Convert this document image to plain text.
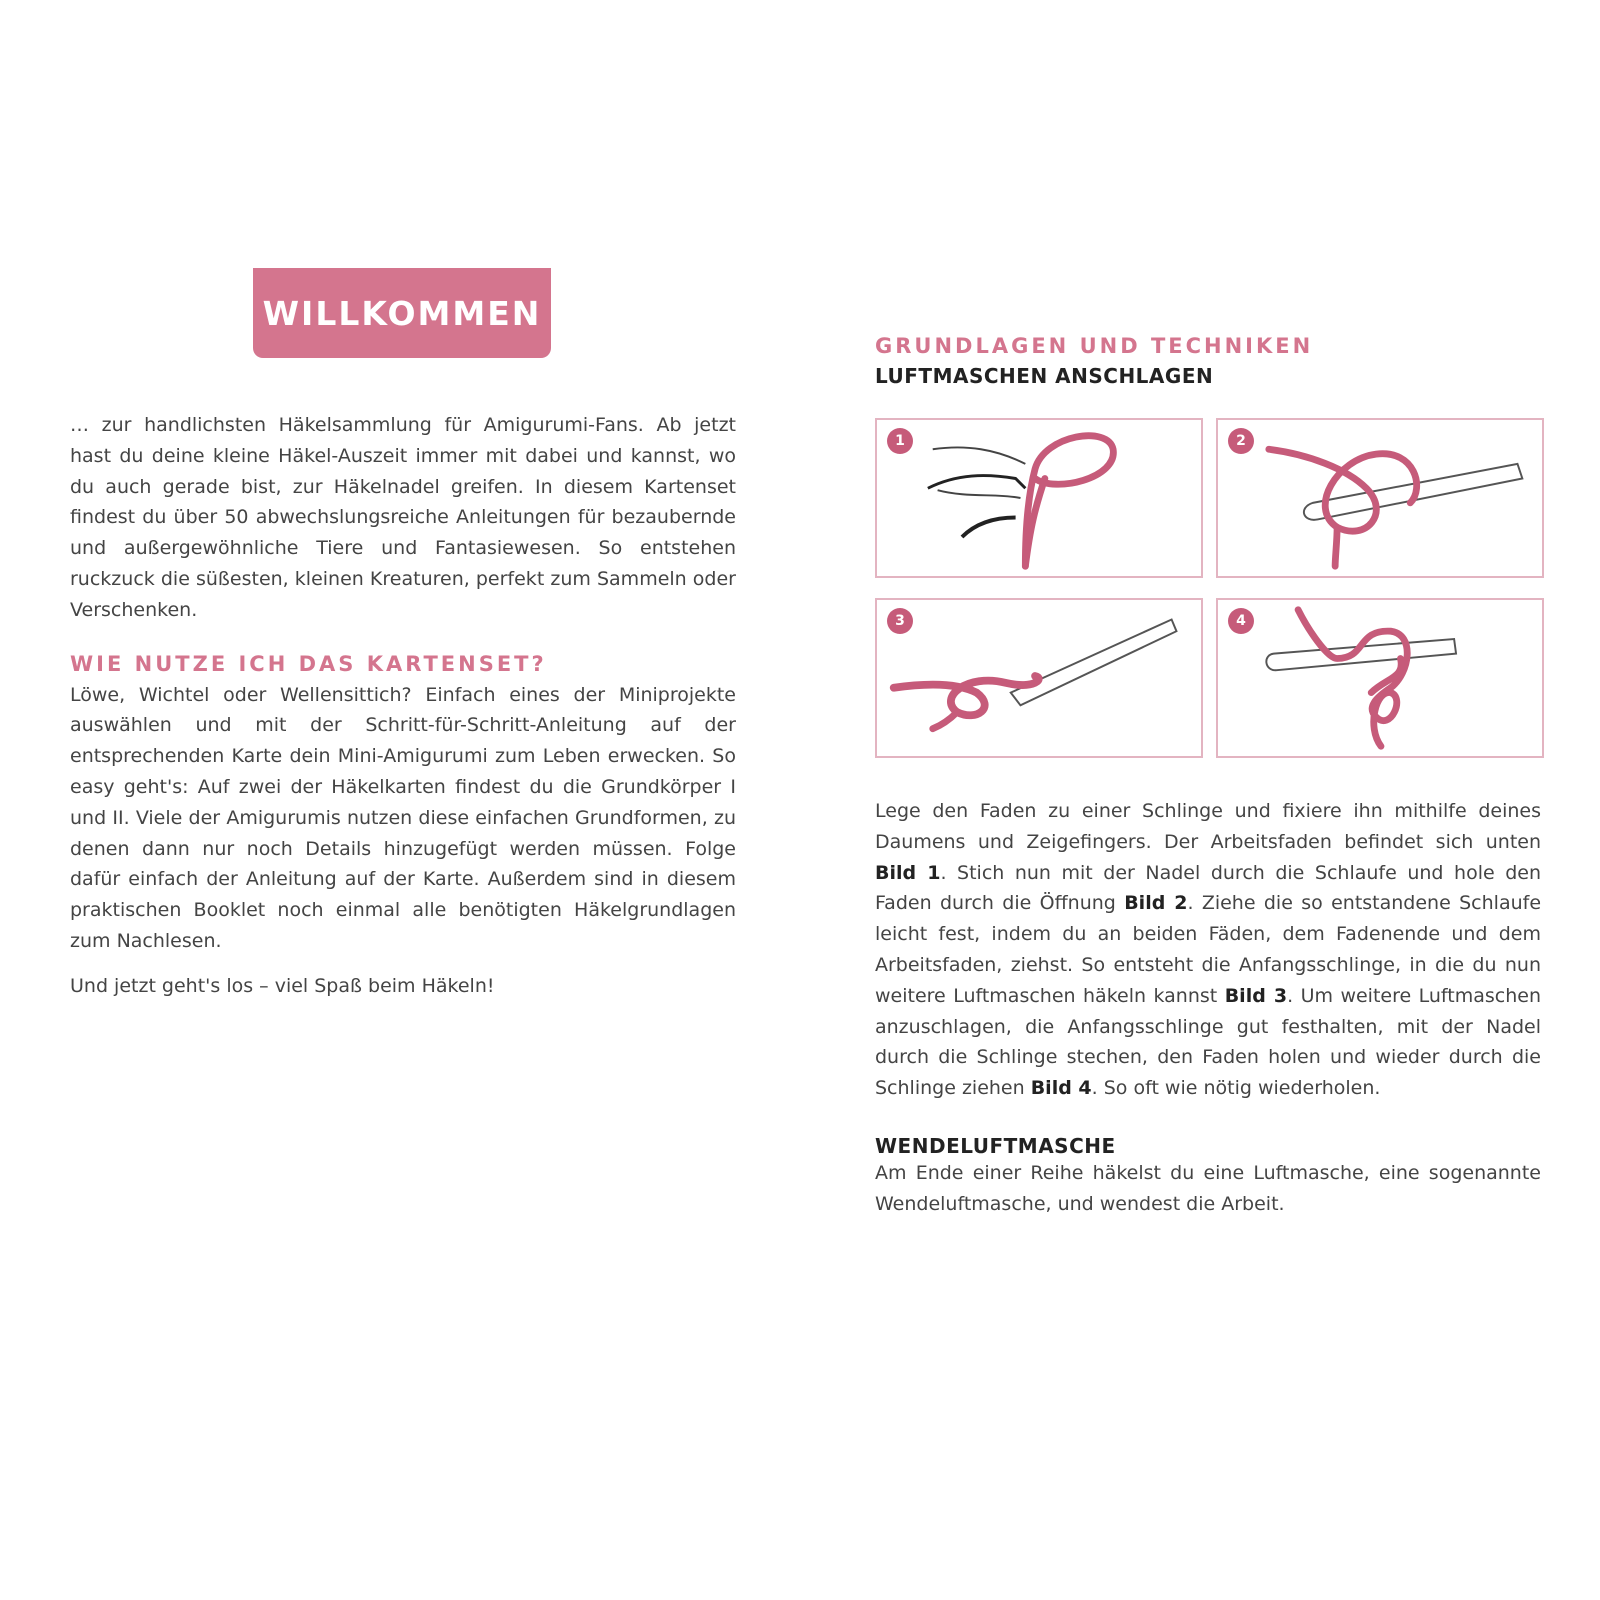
WILLKOMMEN

… zur handlichsten Häkelsammlung für Amigurumi-Fans. Ab jetzt hast du deine kleine Häkel-Auszeit immer mit dabei und kannst, wo du auch gerade bist, zur Häkelnadel greifen. In diesem Kartenset findest du über 50 abwechslungsreiche Anleitungen für bezaubernde und außergewöhnliche Tiere und Fantasiewesen. So entstehen ruckzuck die süßesten, kleinen Kreaturen, perfekt zum Sammeln oder Verschenken.

WIE NUTZE ICH DAS KARTENSET?

Löwe, Wichtel oder Wellensittich? Einfach eines der Miniprojekte auswählen und mit der Schritt-für-Schritt-Anleitung auf der entsprechenden Karte dein Mini-Amigurumi zum Leben erwecken. So easy geht's: Auf zwei der Häkelkarten findest du die Grundkörper I und II. Viele der Amigurumis nutzen diese einfachen Grundformen, zu denen dann nur noch Details hinzugefügt werden müssen. Folge dafür einfach der Anleitung auf der Karte. Außerdem sind in diesem praktischen Booklet noch einmal alle benötigten Häkelgrundlagen zum Nachlesen.

Und jetzt geht's los – viel Spaß beim Häkeln!

GRUNDLAGEN UND TECHNIKEN
LUFTMASCHEN ANSCHLAGEN
1	2
3	4

Lege den Faden zu einer Schlinge und fixiere ihn mithilfe deines Daumens und Zeigefingers. Der Arbeitsfaden befindet sich unten Bild 1. Stich nun mit der Nadel durch die Schlaufe und hole den Faden durch die Öffnung Bild 2. Ziehe die so entstandene Schlaufe leicht fest, indem du an beiden Fäden, dem Fadenende und dem Arbeitsfaden, ziehst. So entsteht die Anfangsschlinge, in die du nun weitere Luftmaschen häkeln kannst Bild 3. Um weitere Luftmaschen anzuschlagen, die Anfangsschlinge gut festhalten, mit der Nadel durch die Schlinge stechen, den Faden holen und wieder durch die Schlinge ziehen Bild 4. So oft wie nötig wiederholen.

WENDELUFTMASCHE

Am Ende einer Reihe häkelst du eine Luftmasche, eine sogenannte Wendeluftmasche, und wendest die Arbeit.
